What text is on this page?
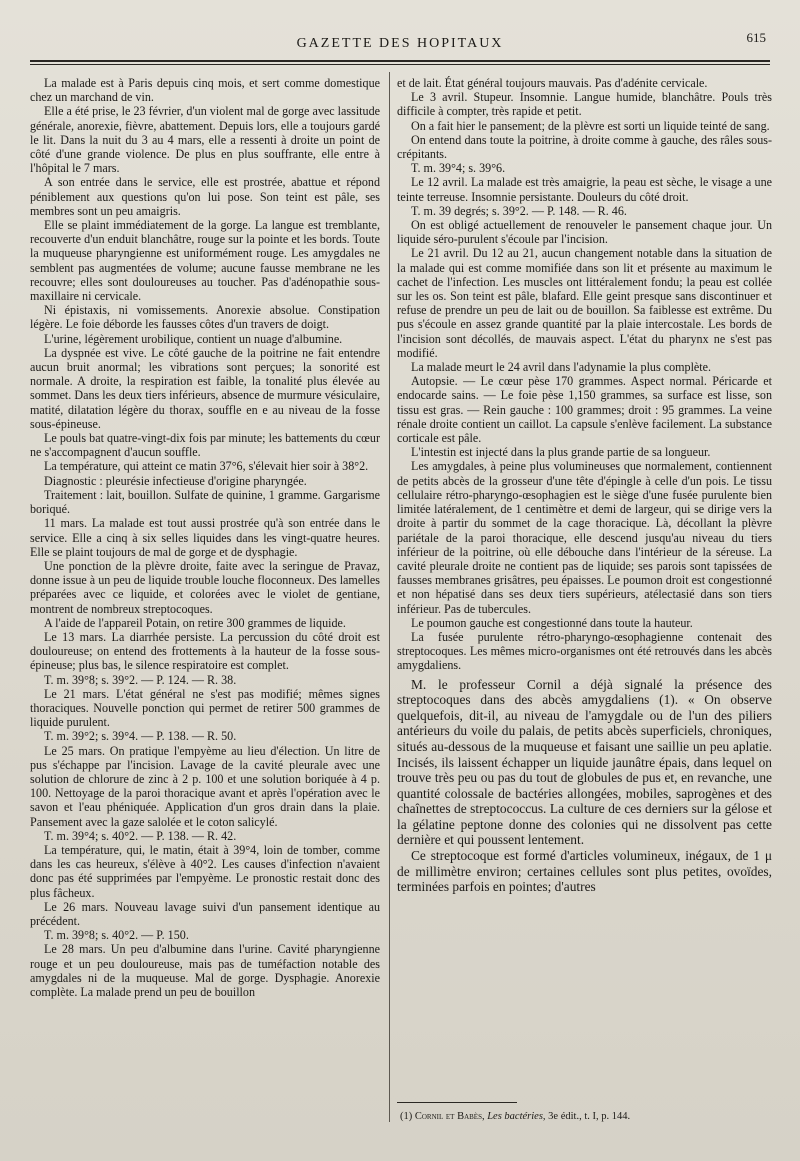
GAZETTE DES HOPITAUX	615

La malade est à Paris depuis cinq mois, et sert comme domestique chez un marchand de vin.

Elle a été prise, le 23 février, d'un violent mal de gorge avec lassitude générale, anorexie, fièvre, abattement. Depuis lors, elle a toujours gardé le lit. Dans la nuit du 3 au 4 mars, elle a ressenti à droite un point de côté d'une grande violence. De plus en plus souffrante, elle entre à l'hôpital le 7 mars.

A son entrée dans le service, elle est prostrée, abattue et répond péniblement aux questions qu'on lui pose. Son teint est pâle, ses membres sont un peu amaigris.

Elle se plaint immédiatement de la gorge. La langue est tremblante, recouverte d'un enduit blanchâtre, rouge sur la pointe et les bords. Toute la muqueuse pharyngienne est uniformément rouge. Les amygdales ne semblent pas augmentées de volume; aucune fausse membrane ne les recouvre; elles sont douloureuses au toucher. Pas d'adénopathie sous-maxillaire ni cervicale.

Ni épistaxis, ni vomissements. Anorexie absolue. Constipation légère. Le foie déborde les fausses côtes d'un travers de doigt.

L'urine, légèrement urobilique, contient un nuage d'albumine.

La dyspnée est vive. Le côté gauche de la poitrine ne fait entendre aucun bruit anormal; les vibrations sont perçues; la sonorité est normale. A droite, la respiration est faible, la tonalité plus élevée au sommet. Dans les deux tiers inférieurs, absence de murmure vésiculaire, matité, dilatation légère du thorax, souffle en e au niveau de la fosse sous-épineuse.

Le pouls bat quatre-vingt-dix fois par minute; les battements du cœur ne s'accompagnent d'aucun souffle.

La température, qui atteint ce matin 37°6, s'élevait hier soir à 38°2.

Diagnostic : pleurésie infectieuse d'origine pharyngée.

Traitement : lait, bouillon. Sulfate de quinine, 1 gramme. Gargarisme boriqué.

11 mars. La malade est tout aussi prostrée qu'à son entrée dans le service. Elle a cinq à six selles liquides dans les vingt-quatre heures. Elle se plaint toujours de mal de gorge et de dysphagie.

Une ponction de la plèvre droite, faite avec la seringue de Pravaz, donne issue à un peu de liquide trouble louche floconneux. Des lamelles préparées avec ce liquide, et colorées avec le violet de gentiane, montrent de nombreux streptocoques.

A l'aide de l'appareil Potain, on retire 300 grammes de liquide.

Le 13 mars. La diarrhée persiste. La percussion du côté droit est douloureuse; on entend des frottements à la hauteur de la fosse sous-épineuse; plus bas, le silence respiratoire est complet.

T. m. 39°8; s. 39°2. — P. 124. — R. 38.

Le 21 mars. L'état général ne s'est pas modifié; mêmes signes thoraciques. Nouvelle ponction qui permet de retirer 500 grammes de liquide purulent.

T. m. 39°2; s. 39°4. — P. 138. — R. 50.

Le 25 mars. On pratique l'empyème au lieu d'élection. Un litre de pus s'échappe par l'incision. Lavage de la cavité pleurale avec une solution de chlorure de zinc à 2 p. 100 et une solution boriquée à 4 p. 100. Nettoyage de la paroi thoracique avant et après l'opération avec le savon et l'eau phéniquée. Application d'un gros drain dans la plaie. Pansement avec la gaze salolée et le coton salicylé.

T. m. 39°4; s. 40°2. — P. 138. — R. 42.

La température, qui, le matin, était à 39°4, loin de tomber, comme dans les cas heureux, s'élève à 40°2. Les causes d'infection n'avaient donc pas été supprimées par l'empyème. Le pronostic restait donc des plus fâcheux.

Le 26 mars. Nouveau lavage suivi d'un pansement identique au précédent.

T. m. 39°8; s. 40°2. — P. 150.

Le 28 mars. Un peu d'albumine dans l'urine. Cavité pharyngienne rouge et un peu douloureuse, mais pas de tuméfaction notable des amygdales ni de la muqueuse. Mal de gorge. Dysphagie. Anorexie complète. La malade prend un peu de bouillon

et de lait. État général toujours mauvais. Pas d'adénite cervicale.

Le 3 avril. Stupeur. Insomnie. Langue humide, blanchâtre. Pouls très difficile à compter, très rapide et petit.

On a fait hier le pansement; de la plèvre est sorti un liquide teinté de sang.

On entend dans toute la poitrine, à droite comme à gauche, des râles sous-crépitants.

T. m. 39°4; s. 39°6.

Le 12 avril. La malade est très amaigrie, la peau est sèche, le visage a une teinte terreuse. Insomnie persistante. Douleurs du côté droit.

T. m. 39 degrés; s. 39°2. — P. 148. — R. 46.

On est obligé actuellement de renouveler le pansement chaque jour. Un liquide séro-purulent s'écoule par l'incision.

Le 21 avril. Du 12 au 21, aucun changement notable dans la situation de la malade qui est comme momifiée dans son lit et présente au maximum le cachet de l'infection. Les muscles ont littéralement fondu; la peau est collée sur les os. Son teint est pâle, blafard. Elle geint presque sans discontinuer et refuse de prendre un peu de lait ou de bouillon. Sa faiblesse est extrême. Du pus s'écoule en assez grande quantité par la plaie intercostale. Les bords de l'incision sont décollés, de mauvais aspect. L'état du pharynx ne s'est pas modifié.

La malade meurt le 24 avril dans l'adynamie la plus complète.

Autopsie. — Le cœur pèse 170 grammes. Aspect normal. Péricarde et endocarde sains. — Le foie pèse 1,150 grammes, sa surface est lisse, son tissu est gras. — Rein gauche : 100 grammes; droit : 95 grammes. La veine rénale droite contient un caillot. La capsule s'enlève facilement. La substance corticale est pâle.

L'intestin est injecté dans la plus grande partie de sa longueur.

Les amygdales, à peine plus volumineuses que normalement, contiennent de petits abcès de la grosseur d'une tête d'épingle à celle d'un pois. Le tissu cellulaire rétro-pharyngo-œsophagien est le siège d'une fusée purulente bien limitée latéralement, de 1 centimètre et demi de largeur, qui se dirige vers la droite à partir du sommet de la cage thoracique. Là, décollant la plèvre pariétale de la paroi thoracique, elle descend jusqu'au niveau du tiers inférieur de la poitrine, où elle débouche dans l'intérieur de la séreuse. La cavité pleurale droite ne contient pas de liquide; ses parois sont tapissées de fausses membranes grisâtres, peu épaisses. Le poumon droit est congestionné et non hépatisé dans ses deux tiers supérieurs, atélectasié dans son tiers inférieur. Pas de tubercules.

Le poumon gauche est congestionné dans toute la hauteur.

La fusée purulente rétro-pharyngo-œsophagienne contenait des streptocoques. Les mêmes micro-organismes ont été retrouvés dans les abcès amygdaliens.

M. le professeur Cornil a déjà signalé la présence des streptocoques dans des abcès amygdaliens (1). « On observe quelquefois, dit-il, au niveau de l'amygdale ou de l'un des piliers antérieurs du voile du palais, de petits abcès superficiels, chroniques, situés au-dessous de la muqueuse et faisant une saillie un peu aplatie. Incisés, ils laissent échapper un liquide jaunâtre épais, dans lequel on trouve très peu ou pas du tout de globules de pus et, en revanche, une quantité colossale de bactéries allongées, mobiles, saprogènes et des chaînettes de streptococcus. La culture de ces derniers sur la gélose et la gélatine peptone donne des colonies qui ne dissolvent pas cette dernière et qui poussent lentement.

Ce streptocoque est formé d'articles volumineux, inégaux, de 1 μ de millimètre environ; certaines cellules sont plus petites, ovoïdes, terminées parfois en pointes; d'autres

(1) Cornil et Babès, Les bactéries, 3e édit., t. I, p. 144.
